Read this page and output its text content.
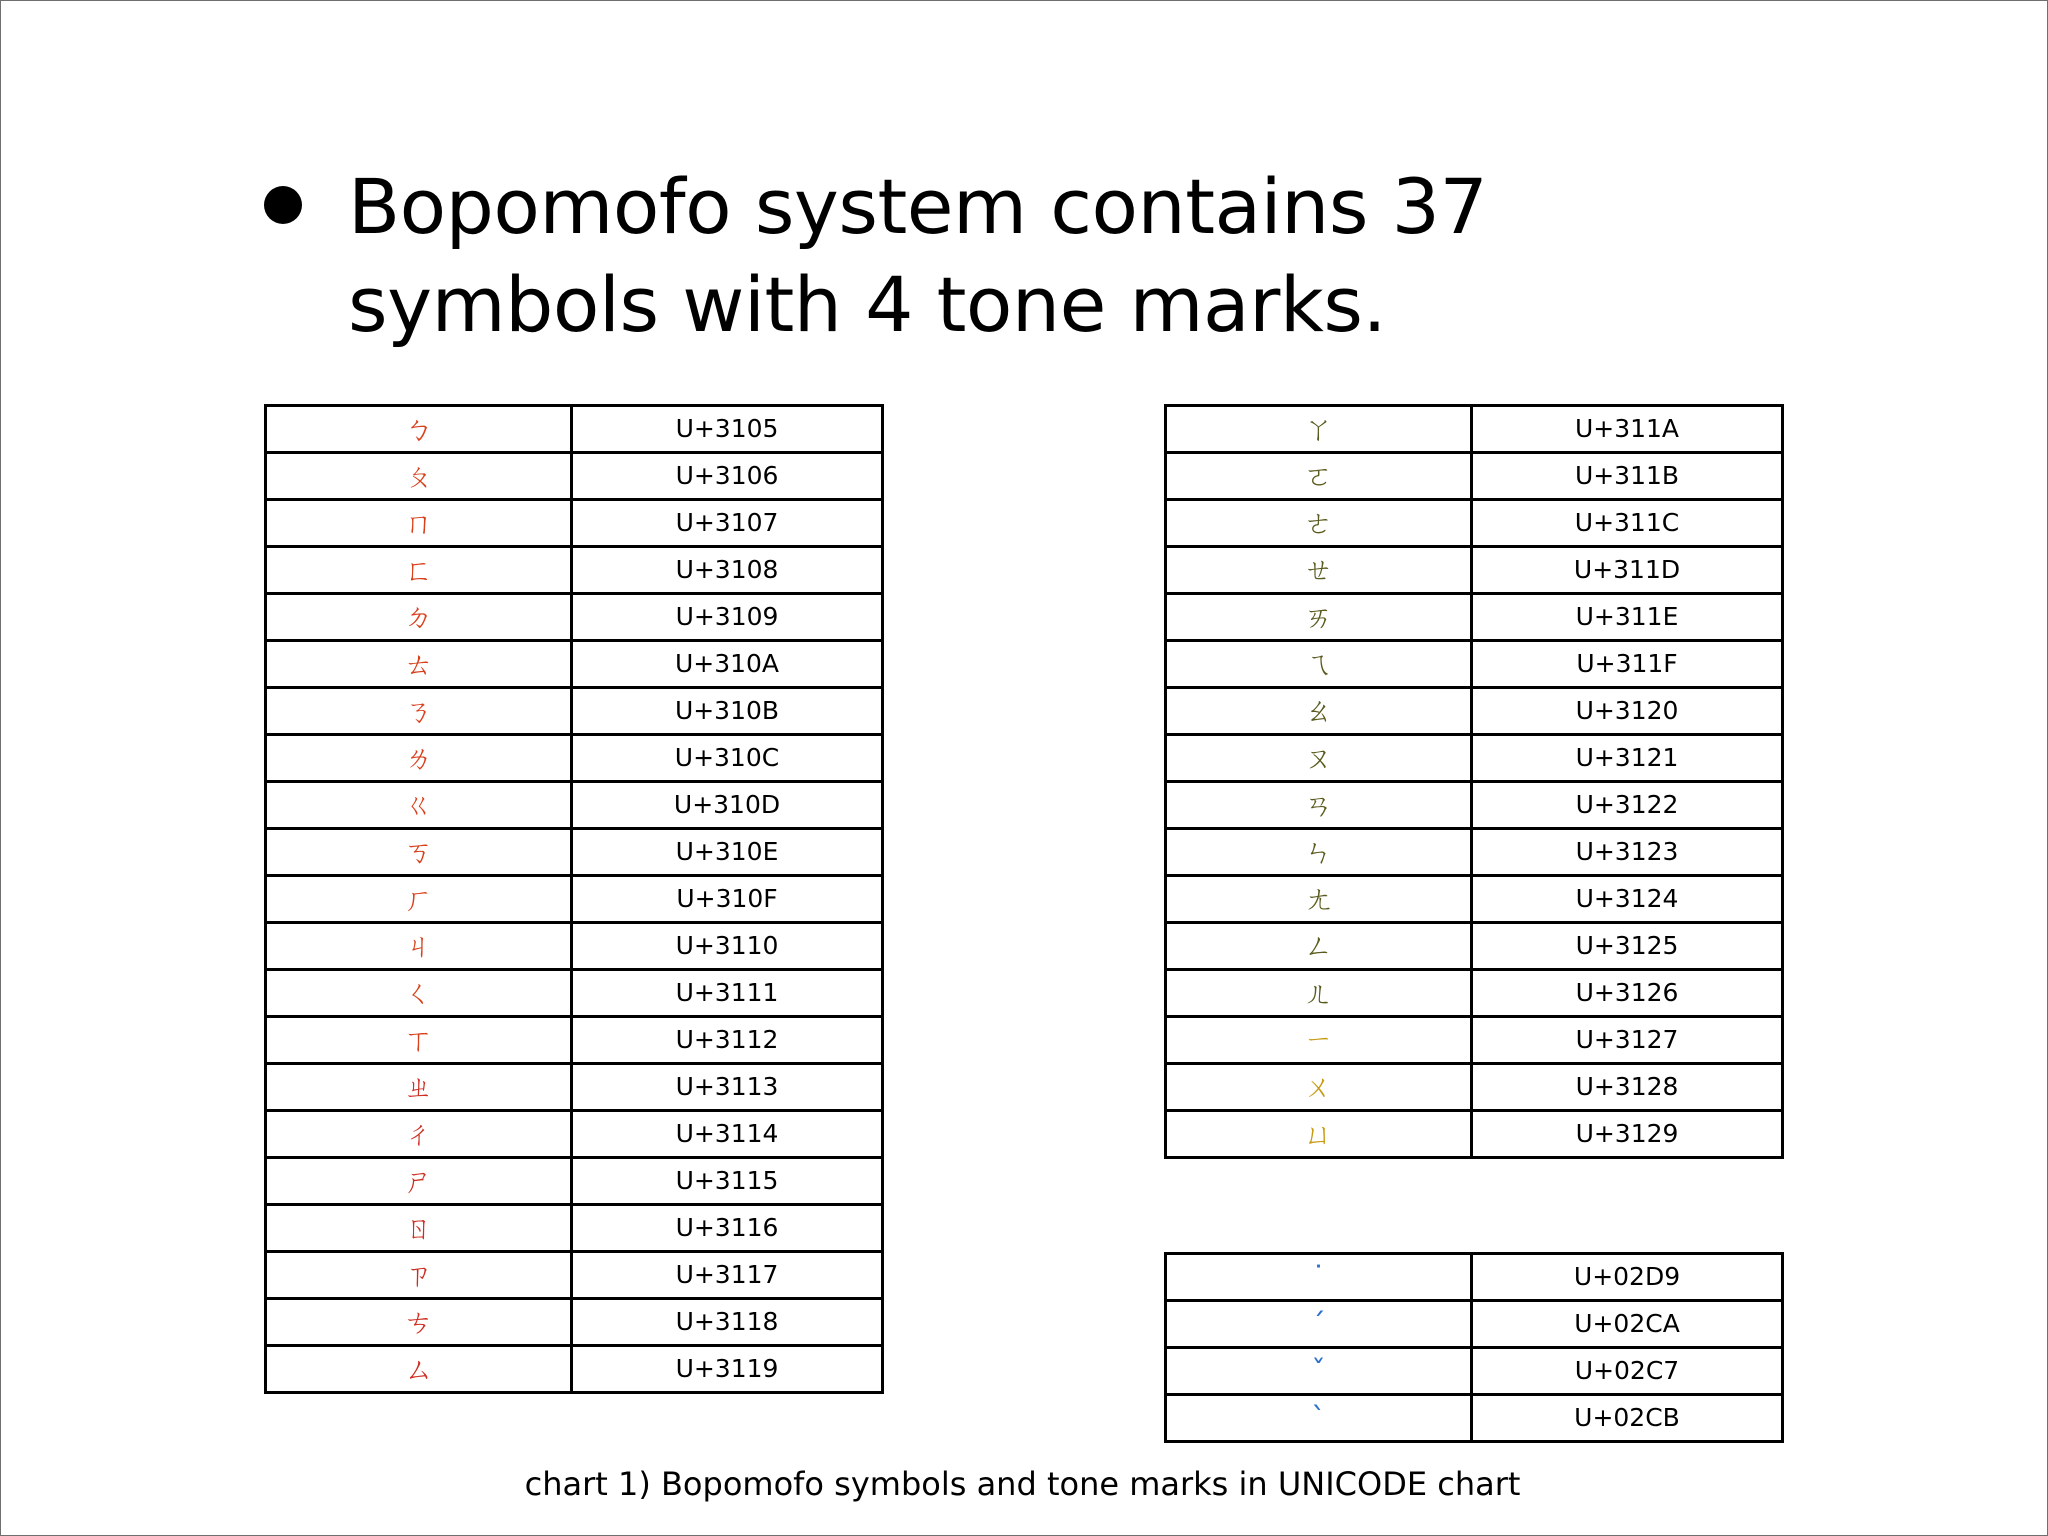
Bopomofo system contains 37 symbols with 4 tone marks.

ㄅ	U+3105
ㄆ	U+3106
ㄇ	U+3107
ㄈ	U+3108
ㄉ	U+3109
ㄊ	U+310A
ㄋ	U+310B
ㄌ	U+310C
ㄍ	U+310D
ㄎ	U+310E
ㄏ	U+310F
ㄐ	U+3110
ㄑ	U+3111
ㄒ	U+3112
ㄓ	U+3113
ㄔ	U+3114
ㄕ	U+3115
ㄖ	U+3116
ㄗ	U+3117
ㄘ	U+3118
ㄙ	U+3119
ㄚ	U+311A
ㄛ	U+311B
ㄜ	U+311C
ㄝ	U+311D
ㄞ	U+311E
ㄟ	U+311F
ㄠ	U+3120
ㄡ	U+3121
ㄢ	U+3122
ㄣ	U+3123
ㄤ	U+3124
ㄥ	U+3125
ㄦ	U+3126
ㄧ	U+3127
ㄨ	U+3128
ㄩ	U+3129
˙	U+02D9
ˊ	U+02CA
ˇ	U+02C7
ˋ	U+02CB
chart 1) Bopomofo symbols and tone marks in UNICODE chart
